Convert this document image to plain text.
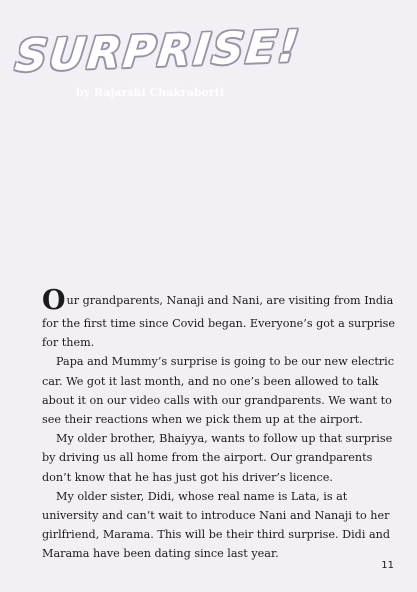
SURPRISE!
by Rajarshi Chakraborti

Our grandparents, Nanaji and Nani, are visiting from India for the first time since Covid began. Everyone’s got a surprise for them.

Papa and Mummy’s surprise is going to be our new electric car. We got it last month, and no one’s been allowed to talk about it on our video calls with our grandparents. We want to see their reactions when we pick them up at the airport.

My older brother, Bhaiyya, wants to follow up that surprise by driving us all home from the airport. Our grandparents don’t know that he has just got his driver’s licence.

My older sister, Didi, whose real name is Lata, is at university and can’t wait to introduce Nani and Nanaji to her girlfriend, Marama. This will be their third surprise. Didi and Marama have been dating since last year.

11
